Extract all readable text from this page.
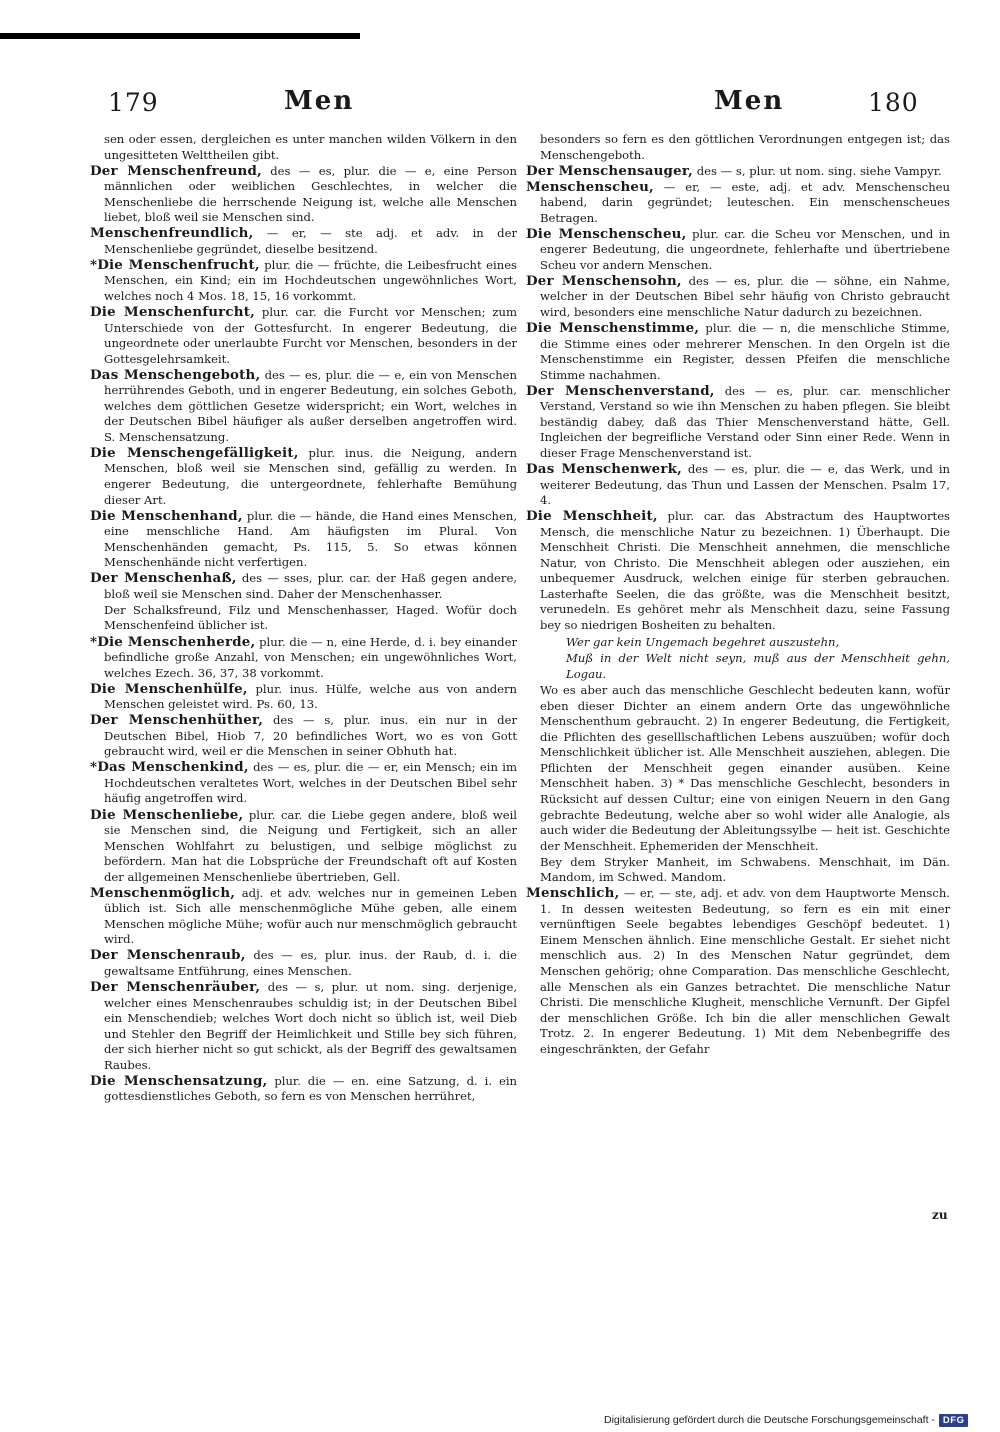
179	Men	Men	180

sen oder essen, dergleichen es unter manchen wilden Völkern in den ungesitteten Welttheilen gibt.

Der Menschenfreund, des — es, plur. die — e, eine Person männlichen oder weiblichen Geschlechtes, in welcher die Menschenliebe die herrschende Neigung ist, welche alle Menschen liebet, bloß weil sie Menschen sind.

Menschenfreundlich, — er, — ste adj. et adv. in der Menschenliebe gegründet, dieselbe besitzend.

*Die Menschenfrucht, plur. die — früchte, die Leibesfrucht eines Menschen, ein Kind; ein im Hochdeutschen ungewöhnliches Wort, welches noch 4 Mos. 18, 15, 16 vorkommt.

Die Menschenfurcht, plur. car. die Furcht vor Menschen; zum Unterschiede von der Gottesfurcht. In engerer Bedeutung, die ungeordnete oder unerlaubte Furcht vor Menschen, besonders in der Gottesgelehrsamkeit.

Das Menschengeboth, des — es, plur. die — e, ein von Menschen herrührendes Geboth, und in engerer Bedeutung, ein solches Geboth, welches dem göttlichen Gesetze widerspricht; ein Wort, welches in der Deutschen Bibel häufiger als außer derselben angetroffen wird. S. Menschensatzung.

Die Menschengefälligkeit, plur. inus. die Neigung, andern Menschen, bloß weil sie Menschen sind, gefällig zu werden. In engerer Bedeutung, die untergeordnete, fehlerhafte Bemühung dieser Art.

Die Menschenhand, plur. die — hände, die Hand eines Menschen, eine menschliche Hand. Am häufigsten im Plural. Von Menschenhänden gemacht, Ps. 115, 5. So etwas können Menschenhände nicht verfertigen.

Der Menschenhaß, des — sses, plur. car. der Haß gegen andere, bloß weil sie Menschen sind. Daher der Menschenhasser.

Der Schalksfreund, Filz und Menschenhasser, Haged. Wofür doch Menschenfeind üblicher ist.

*Die Menschenherde, plur. die — n, eine Herde, d. i. bey einander befindliche große Anzahl, von Menschen; ein ungewöhnliches Wort, welches Ezech. 36, 37, 38 vorkommt.

Die Menschenhülfe, plur. inus. Hülfe, welche aus von andern Menschen geleistet wird. Ps. 60, 13.

Der Menschenhüther, des — s, plur. inus. ein nur in der Deutschen Bibel, Hiob 7, 20 befindliches Wort, wo es von Gott gebraucht wird, weil er die Menschen in seiner Obhuth hat.

*Das Menschenkind, des — es, plur. die — er, ein Mensch; ein im Hochdeutschen veraltetes Wort, welches in der Deutschen Bibel sehr häufig angetroffen wird.

Die Menschenliebe, plur. car. die Liebe gegen andere, bloß weil sie Menschen sind, die Neigung und Fertigkeit, sich an aller Menschen Wohlfahrt zu belustigen, und selbige möglichst zu befördern. Man hat die Lobsprüche der Freundschaft oft auf Kosten der allgemeinen Menschenliebe übertrieben, Gell.

Menschenmöglich, adj. et adv. welches nur in gemeinen Leben üblich ist. Sich alle menschenmögliche Mühe geben, alle einem Menschen mögliche Mühe; wofür auch nur menschmöglich gebraucht wird.

Der Menschenraub, des — es, plur. inus. der Raub, d. i. die gewaltsame Entführung, eines Menschen.

Der Menschenräuber, des — s, plur. ut nom. sing. derjenige, welcher eines Menschenraubes schuldig ist; in der Deutschen Bibel ein Menschendieb; welches Wort doch nicht so üblich ist, weil Dieb und Stehler den Begriff der Heimlichkeit und Stille bey sich führen, der sich hierher nicht so gut schickt, als der Begriff des gewaltsamen Raubes.

Die Menschensatzung, plur. die — en. eine Satzung, d. i. ein gottesdienstliches Geboth, so fern es von Menschen herrühret,

besonders so fern es den göttlichen Verordnungen entgegen ist; das Menschengeboth.

Der Menschensauger, des — s, plur. ut nom. sing. siehe Vampyr.

Menschenscheu, — er, — este, adj. et adv. Menschenscheu habend, darin gegründet; leuteschen. Ein menschenscheues Betragen.

Die Menschenscheu, plur. car. die Scheu vor Menschen, und in engerer Bedeutung, die ungeordnete, fehlerhafte und übertriebene Scheu vor andern Menschen.

Der Menschensohn, des — es, plur. die — söhne, ein Nahme, welcher in der Deutschen Bibel sehr häufig von Christo gebraucht wird, besonders eine menschliche Natur dadurch zu bezeichnen.

Die Menschenstimme, plur. die — n, die menschliche Stimme, die Stimme eines oder mehrerer Menschen. In den Orgeln ist die Menschenstimme ein Register, dessen Pfeifen die menschliche Stimme nachahmen.

Der Menschenverstand, des — es, plur. car. menschlicher Verstand, Verstand so wie ihn Menschen zu haben pflegen. Sie bleibt beständig dabey, daß das Thier Menschenverstand hätte, Gell. Ingleichen der begreifliche Verstand oder Sinn einer Rede. Wenn in dieser Frage Menschenverstand ist.

Das Menschenwerk, des — es, plur. die — e, das Werk, und in weiterer Bedeutung, das Thun und Lassen der Menschen. Psalm 17, 4.

Die Menschheit, plur. car. das Abstractum des Hauptwortes Mensch, die menschliche Natur zu bezeichnen. 1) Überhaupt. Die Menschheit Christi. Die Menschheit annehmen, die menschliche Natur, von Christo. Die Menschheit ablegen oder ausziehen, ein unbequemer Ausdruck, welchen einige für sterben gebrauchen. Lasterhafte Seelen, die das größte, was die Menschheit besitzt, verunedeln. Es gehöret mehr als Menschheit dazu, seine Fassung bey so niedrigen Bosheiten zu behalten.

Wer gar kein Ungemach begehret auszustehn,

Muß in der Welt nicht seyn, muß aus der Menschheit gehn, Logau.

Wo es aber auch das menschliche Geschlecht bedeuten kann, wofür eben dieser Dichter an einem andern Orte das ungewöhnliche Menschenthum gebraucht. 2) In engerer Bedeutung, die Fertigkeit, die Pflichten des geselllschaftlichen Lebens auszuüben; wofür doch Menschlichkeit üblicher ist. Alle Menschheit ausziehen, ablegen. Die Pflichten der Menschheit gegen einander ausüben. Keine Menschheit haben. 3) * Das menschliche Geschlecht, besonders in Rücksicht auf dessen Cultur; eine von einigen Neuern in den Gang gebrachte Bedeutung, welche aber so wohl wider alle Analogie, als auch wider die Bedeutung der Ableitungssylbe — heit ist. Geschichte der Menschheit. Ephemeriden der Menschheit.

Bey dem Stryker Manheit, im Schwabens. Menschhait, im Dän. Mandom, im Schwed. Mandom.

Menschlich, — er, — ste, adj. et adv. von dem Hauptworte Mensch. 1. In dessen weitesten Bedeutung, so fern es ein mit einer vernünftigen Seele begabtes lebendiges Geschöpf bedeutet. 1) Einem Menschen ähnlich. Eine menschliche Gestalt. Er siehet nicht menschlich aus. 2) In des Menschen Natur gegründet, dem Menschen gehörig; ohne Comparation. Das menschliche Geschlecht, alle Menschen als ein Ganzes betrachtet. Die menschliche Natur Christi. Die menschliche Klugheit, menschliche Vernunft. Der Gipfel der menschlichen Größe. Ich bin die aller menschlichen Gewalt Trotz. 2. In engerer Bedeutung. 1) Mit dem Nebenbegriffe des eingeschränkten, der Gefahr

zu
Digitalisierung gefördert durch die Deutsche Forschungsgemeinschaft - DFG
